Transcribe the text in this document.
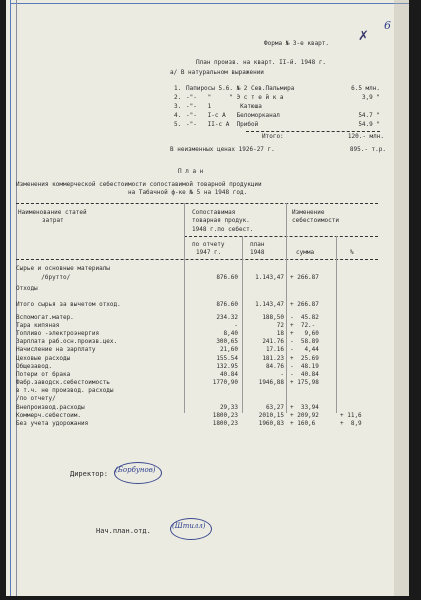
6
✗
Форма № 3-е кварт.
План произв. на кварт. II-й. 1948 г.
а/ В натуральном выражении
1. Папиросы 5.6. № 2 Сев.Пальмира	6.5 млн.
2. -"-   "     " Э с т е й к а	3,9 "
3. -"-   1        Катюша
4. -"-   I-с А   Беломорканал	54.7 "
5. -"-   II-с А  Прибой	54.9 "
Итого:	120.- млн.
В неизменных ценах 1926-27 г.	895.- т.р.
П л а н
Изменения коммерческой себестоимости сопоставимой товарной продукции
на Табачной ф-ке № 5 на 1948 год.
Наименование статей
затрат
Сопоставимая
товарная продук.
1948 г.по себест.
Изменение
себестоимости
по отчету
1947 г.
план
1948	сумма	%
Сырье и основные материалы
/брутто/	876.60	1.143,47 + 266.87
Отходы
Итого сырья за вычетом отход.	876.60	1.143,47 + 266.87
Вспомогат.матер.	234.32	188,50 -  45.82
Тара кипяная	-	72 +  72.-
Топливо -электроэнергия	8,40	18 +   9,60
Зарплата раб.осн.произв.цех.	300,65	241.76 -  58.89
Начисление на зарплату	21,60	17.16 -   4,44
Цеховые расходы	155.54	181.23 +  25.69
Общезавод.	132.95	84.76 -  48.19
Потери от брака	40.84	- -  40.84
Фабр.заводск.себестоимость	1770,90	1946,88 + 175,98
в т.ч. не производ. расходы
/по отчету/
Внепроизвод.расходы	29,33	63,27 +  33,94
Коммерч.себестоим.	1800,23	2010,15 + 209,92	+ 11,6
Без учета удорожания	1800,23	1960,83 + 160,6	+  8,9
Директор: (Борбунов)
Нач.план.отд.
(Штилл)
